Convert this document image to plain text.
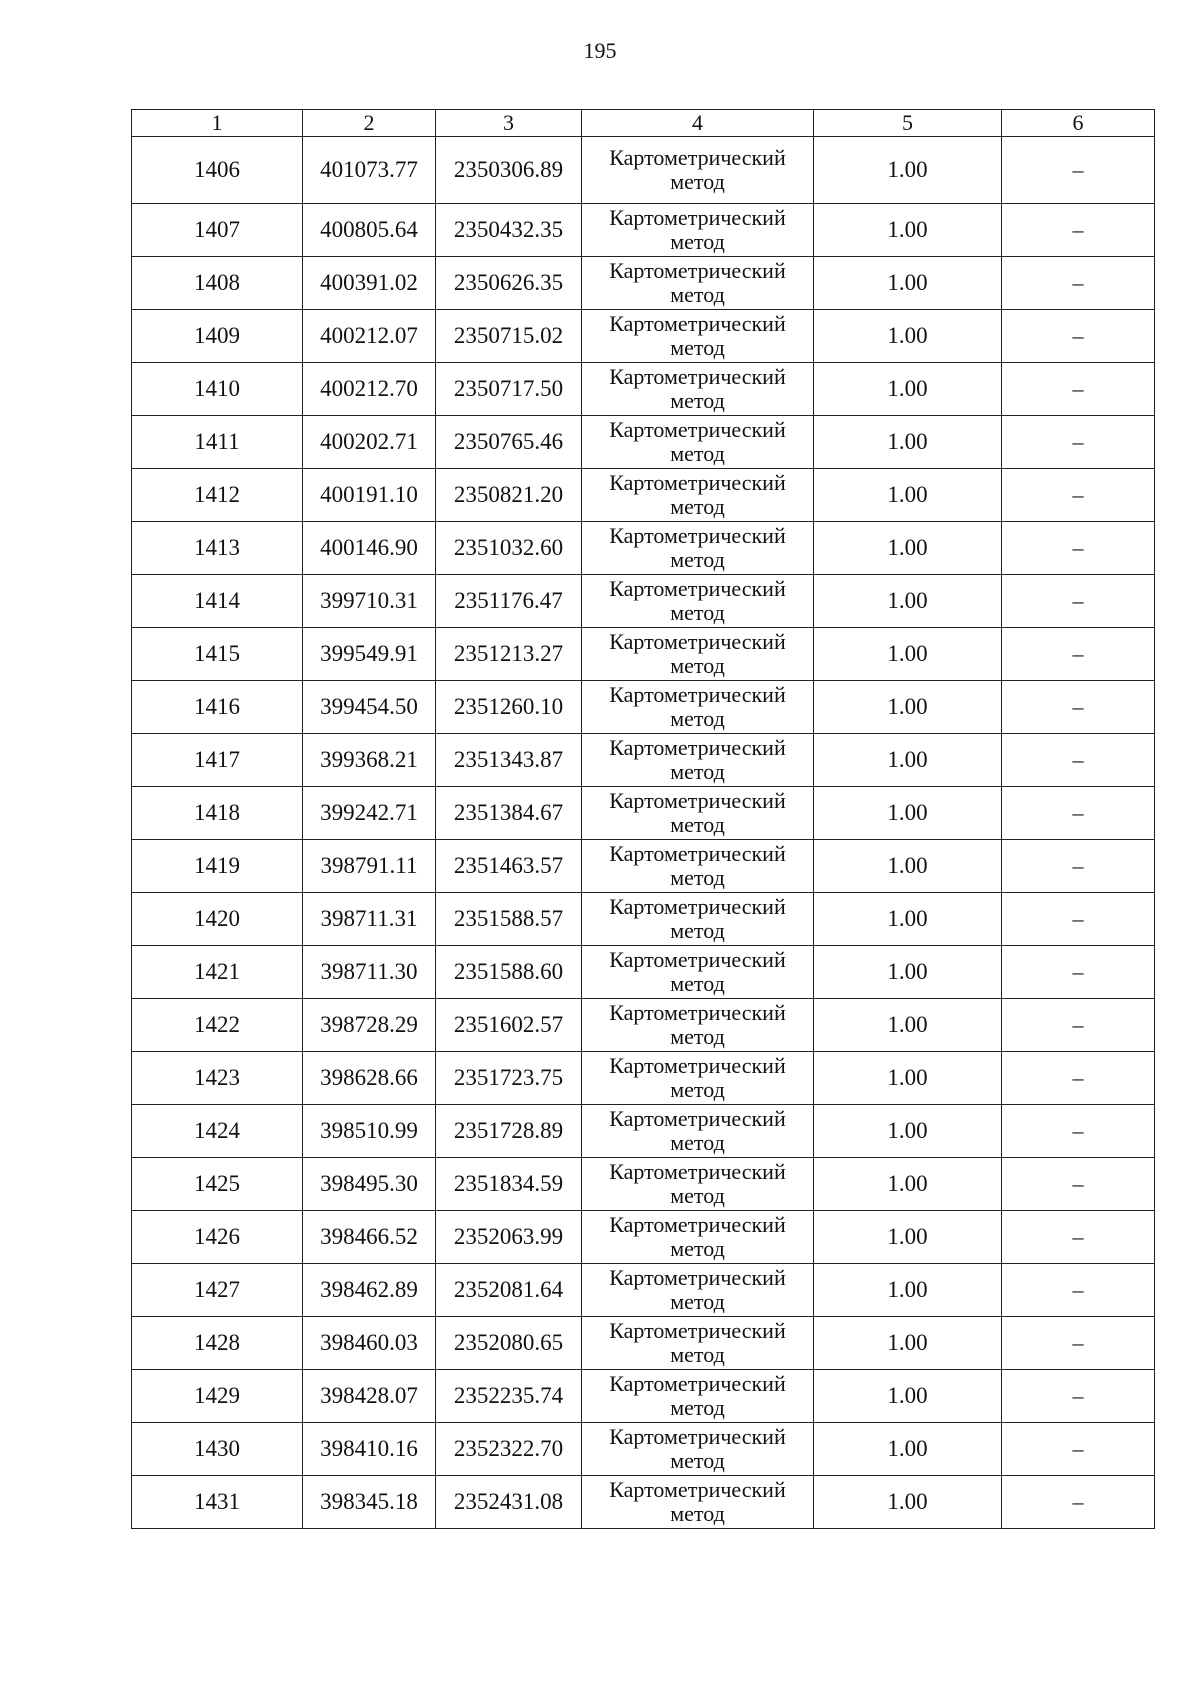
195
1	2	3	4	5	6
1406	401073.77	2350306.89	Картометрический метод	1.00	–
1407	400805.64	2350432.35	Картометрический метод	1.00	–
1408	400391.02	2350626.35	Картометрический метод	1.00	–
1409	400212.07	2350715.02	Картометрический метод	1.00	–
1410	400212.70	2350717.50	Картометрический метод	1.00	–
1411	400202.71	2350765.46	Картометрический метод	1.00	–
1412	400191.10	2350821.20	Картометрический метод	1.00	–
1413	400146.90	2351032.60	Картометрический метод	1.00	–
1414	399710.31	2351176.47	Картометрический метод	1.00	–
1415	399549.91	2351213.27	Картометрический метод	1.00	–
1416	399454.50	2351260.10	Картометрический метод	1.00	–
1417	399368.21	2351343.87	Картометрический метод	1.00	–
1418	399242.71	2351384.67	Картометрический метод	1.00	–
1419	398791.11	2351463.57	Картометрический метод	1.00	–
1420	398711.31	2351588.57	Картометрический метод	1.00	–
1421	398711.30	2351588.60	Картометрический метод	1.00	–
1422	398728.29	2351602.57	Картометрический метод	1.00	–
1423	398628.66	2351723.75	Картометрический метод	1.00	–
1424	398510.99	2351728.89	Картометрический метод	1.00	–
1425	398495.30	2351834.59	Картометрический метод	1.00	–
1426	398466.52	2352063.99	Картометрический метод	1.00	–
1427	398462.89	2352081.64	Картометрический метод	1.00	–
1428	398460.03	2352080.65	Картометрический метод	1.00	–
1429	398428.07	2352235.74	Картометрический метод	1.00	–
1430	398410.16	2352322.70	Картометрический метод	1.00	–
1431	398345.18	2352431.08	Картометрический метод	1.00	–
